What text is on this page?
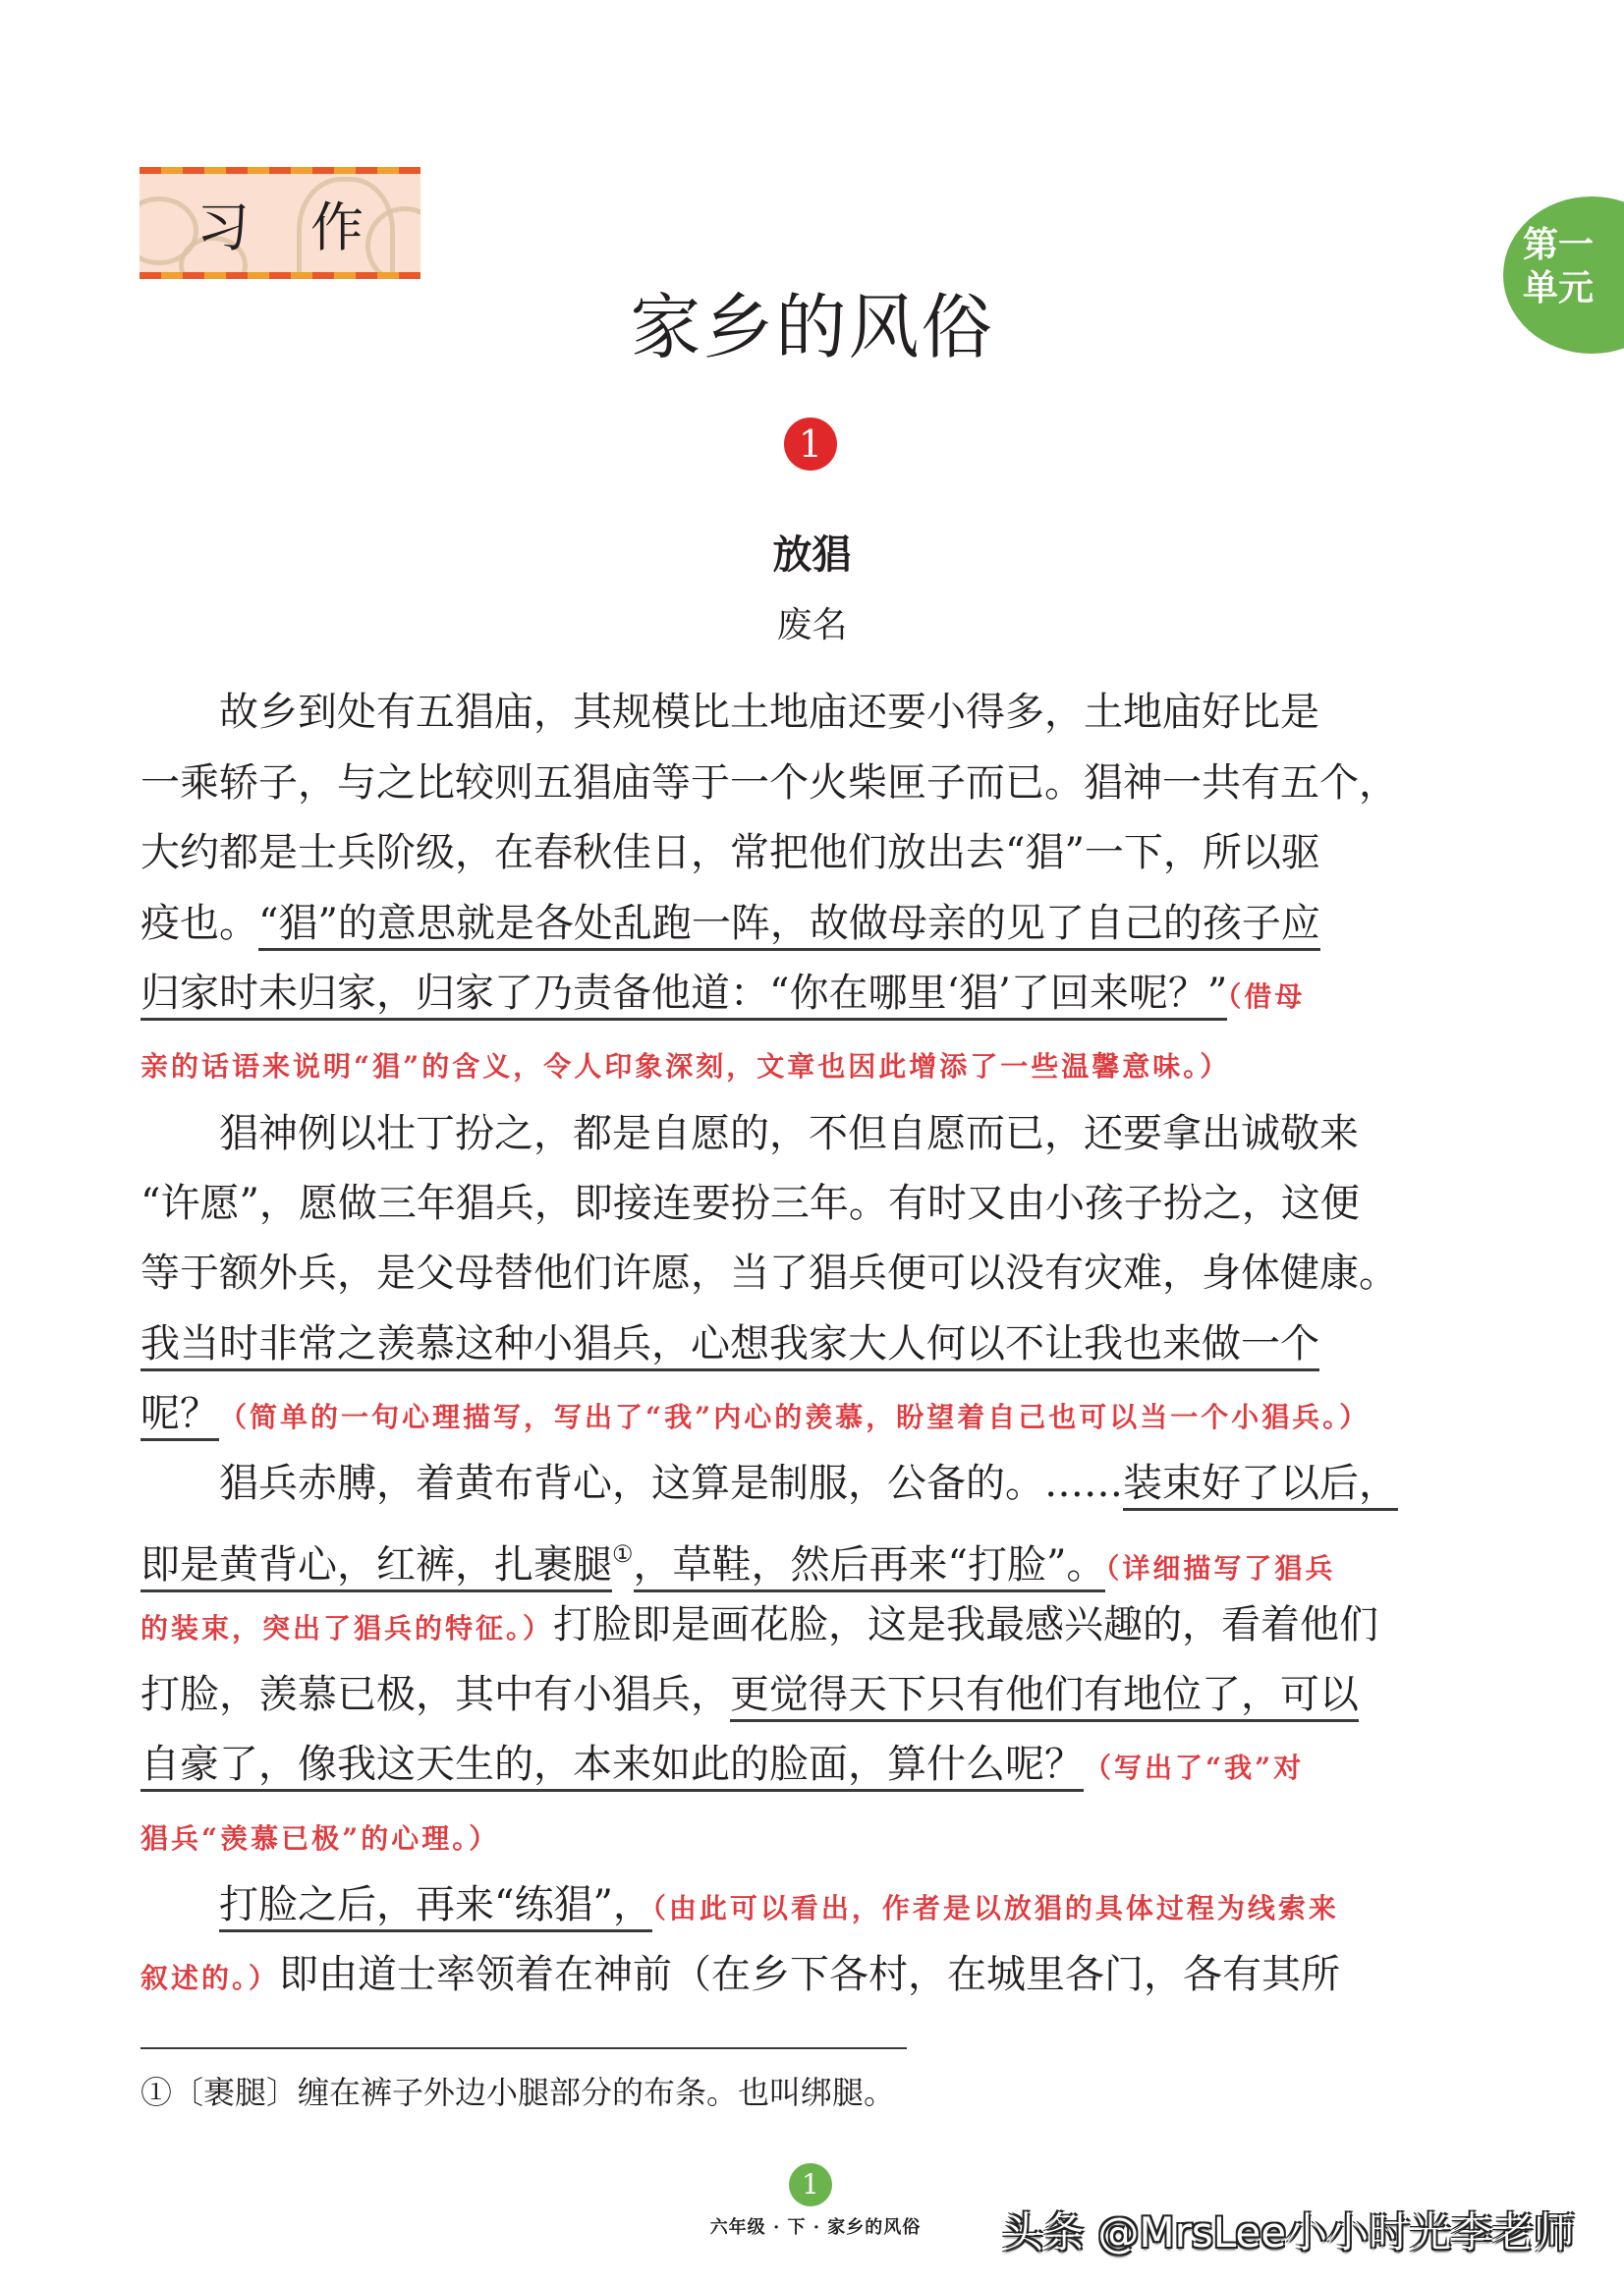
习 作	第一
单元
家乡的风俗
1
放猖
废名
　　故乡到处有五猖庙，其规模比土地庙还要小得多，土地庙好比是
一乘轿子，与之比较则五猖庙等于一个火柴匣子而已。猖神一共有五个，
大约都是士兵阶级，在春秋佳日，常把他们放出去“猖”一下，所以驱
疫也。“猖”的意思就是各处乱跑一阵，故做母亲的见了自己的孩子应
归家时未归家，归家了乃责备他道：“你在哪里‘猖’了回来呢？”（借母
亲的话语来说明“猖”的含义，令人印象深刻，文章也因此增添了一些温馨意味。）
　　猖神例以壮丁扮之，都是自愿的，不但自愿而已，还要拿出诚敬来
“许愿”，愿做三年猖兵，即接连要扮三年。有时又由小孩子扮之，这便
等于额外兵，是父母替他们许愿，当了猖兵便可以没有灾难，身体健康。
我当时非常之羡慕这种小猖兵，心想我家大人何以不让我也来做一个
呢？（简单的一句心理描写，写出了“我”内心的羡慕，盼望着自己也可以当一个小猖兵。）
　　猖兵赤膊，着黄布背心，这算是制服，公备的。……装束好了以后，
即是黄背心，红裤，扎裹腿①，草鞋，然后再来“打脸”。（详细描写了猖兵
的装束，突出了猖兵的特征。）打脸即是画花脸，这是我最感兴趣的，看着他们
打脸，羡慕已极，其中有小猖兵，更觉得天下只有他们有地位了，可以
自豪了，像我这天生的，本来如此的脸面，算什么呢？（写出了“我”对
猖兵“羡慕已极”的心理。）
　　打脸之后，再来“练猖”，（由此可以看出，作者是以放猖的具体过程为线索来
叙述的。）即由道士率领着在神前（在乡下各村，在城里各门，各有其所
①〔裹腿〕缠在裤子外边小腿部分的布条。也叫绑腿。
1
六年级 · 下 · 家乡的风俗	头条 @MrsLee小小时光李老师
